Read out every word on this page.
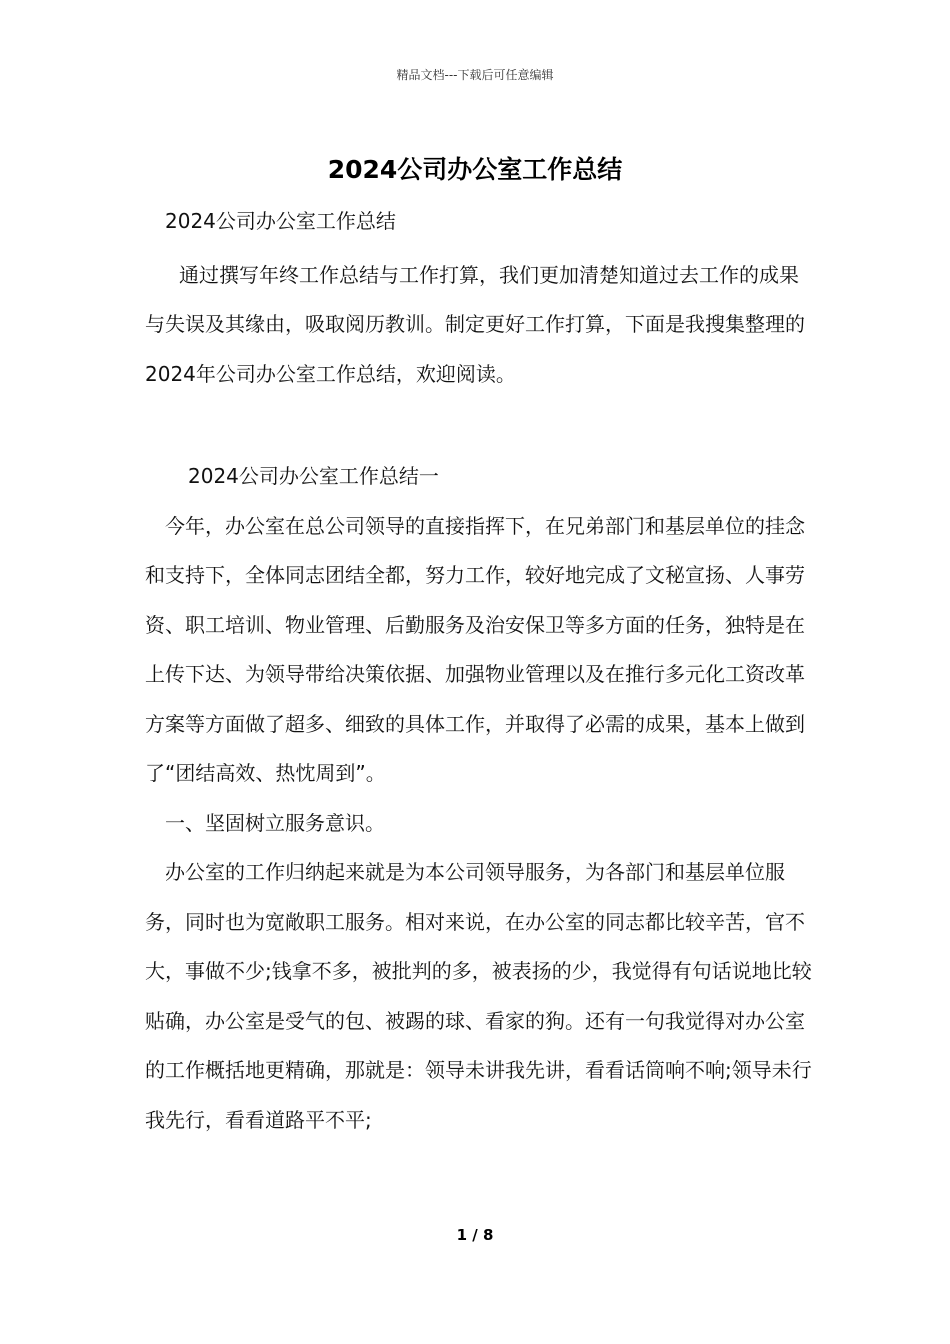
精品文档---下载后可任意编辑
2024公司办公室工作总结

2024公司办公室工作总结

通过撰写年终工作总结与工作打算，我们更加清楚知道过去工作的成果与失误及其缘由，吸取阅历教训。制定更好工作打算，下面是我搜集整理的2024年公司办公室工作总结，欢迎阅读。

2024公司办公室工作总结一

今年，办公室在总公司领导的直接指挥下，在兄弟部门和基层单位的挂念和支持下，全体同志团结全都，努力工作，较好地完成了文秘宣扬、人事劳资、职工培训、物业管理、后勤服务及治安保卫等多方面的任务，独特是在上传下达、为领导带给决策依据、加强物业管理以及在推行多元化工资改革方案等方面做了超多、细致的具体工作，并取得了必需的成果，基本上做到了“团结高效、热忱周到”。

一、坚固树立服务意识。

办公室的工作归纳起来就是为本公司领导服务，为各部门和基层单位服务，同时也为宽敞职工服务。相对来说，在办公室的同志都比较辛苦，官不大，事做不少;钱拿不多，被批判的多，被表扬的少，我觉得有句话说地比较贴确，办公室是受气的包、被踢的球、看家的狗。还有一句我觉得对办公室的工作概括地更精确，那就是：领导未讲我先讲，看看话筒响不响;领导未行我先行，看看道路平不平;

1 / 8
